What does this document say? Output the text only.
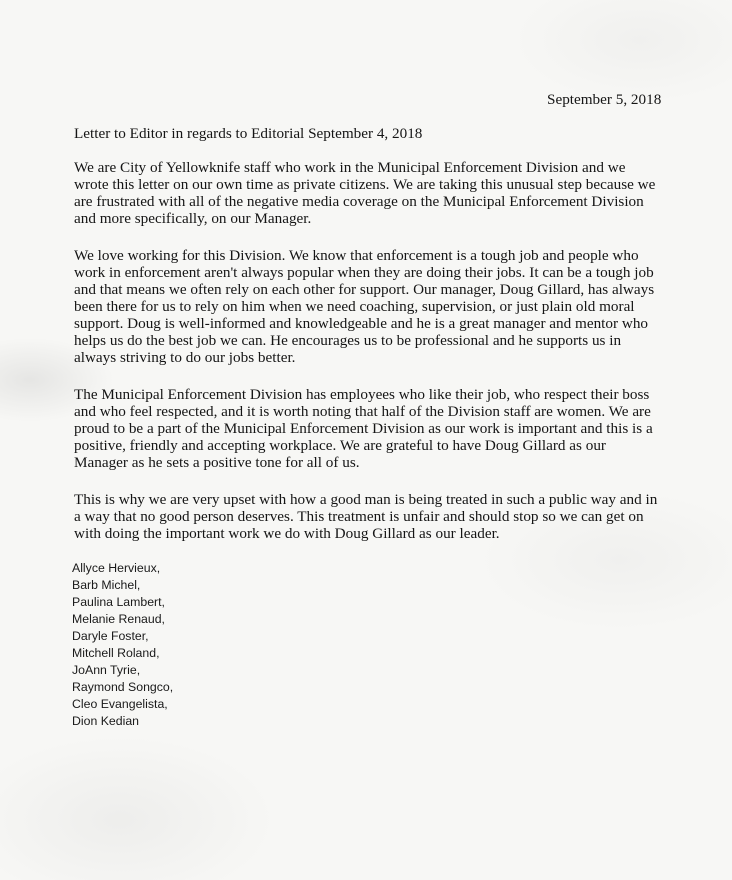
September 5, 2018
Letter to Editor in regards to Editorial September 4, 2018
We are City of Yellowknife staff who work in the Municipal Enforcement Division and we
wrote this letter on our own time as private citizens. We are taking this unusual step because we
are frustrated with all of the negative media coverage on the Municipal Enforcement Division
and more specifically, on our Manager.
We love working for this Division. We know that enforcement is a tough job and people who
work in enforcement aren't always popular when they are doing their jobs. It can be a tough job
and that means we often rely on each other for support. Our manager, Doug Gillard, has always
been there for us to rely on him when we need coaching, supervision, or just plain old moral
support. Doug is well-informed and knowledgeable and he is a great manager and mentor who
helps us do the best job we can. He encourages us to be professional and he supports us in
always striving to do our jobs better.
The Municipal Enforcement Division has employees who like their job, who respect their boss
and who feel respected, and it is worth noting that half of the Division staff are women. We are
proud to be a part of the Municipal Enforcement Division as our work is important and this is a
positive, friendly and accepting workplace. We are grateful to have Doug Gillard as our
Manager as he sets a positive tone for all of us.
This is why we are very upset with how a good man is being treated in such a public way and in
a way that no good person deserves. This treatment is unfair and should stop so we can get on
with doing the important work we do with Doug Gillard as our leader.
Allyce Hervieux,
Barb Michel,
Paulina Lambert,
Melanie Renaud,
Daryle Foster,
Mitchell Roland,
JoAnn Tyrie,
Raymond Songco,
Cleo Evangelista,
Dion Kedian
